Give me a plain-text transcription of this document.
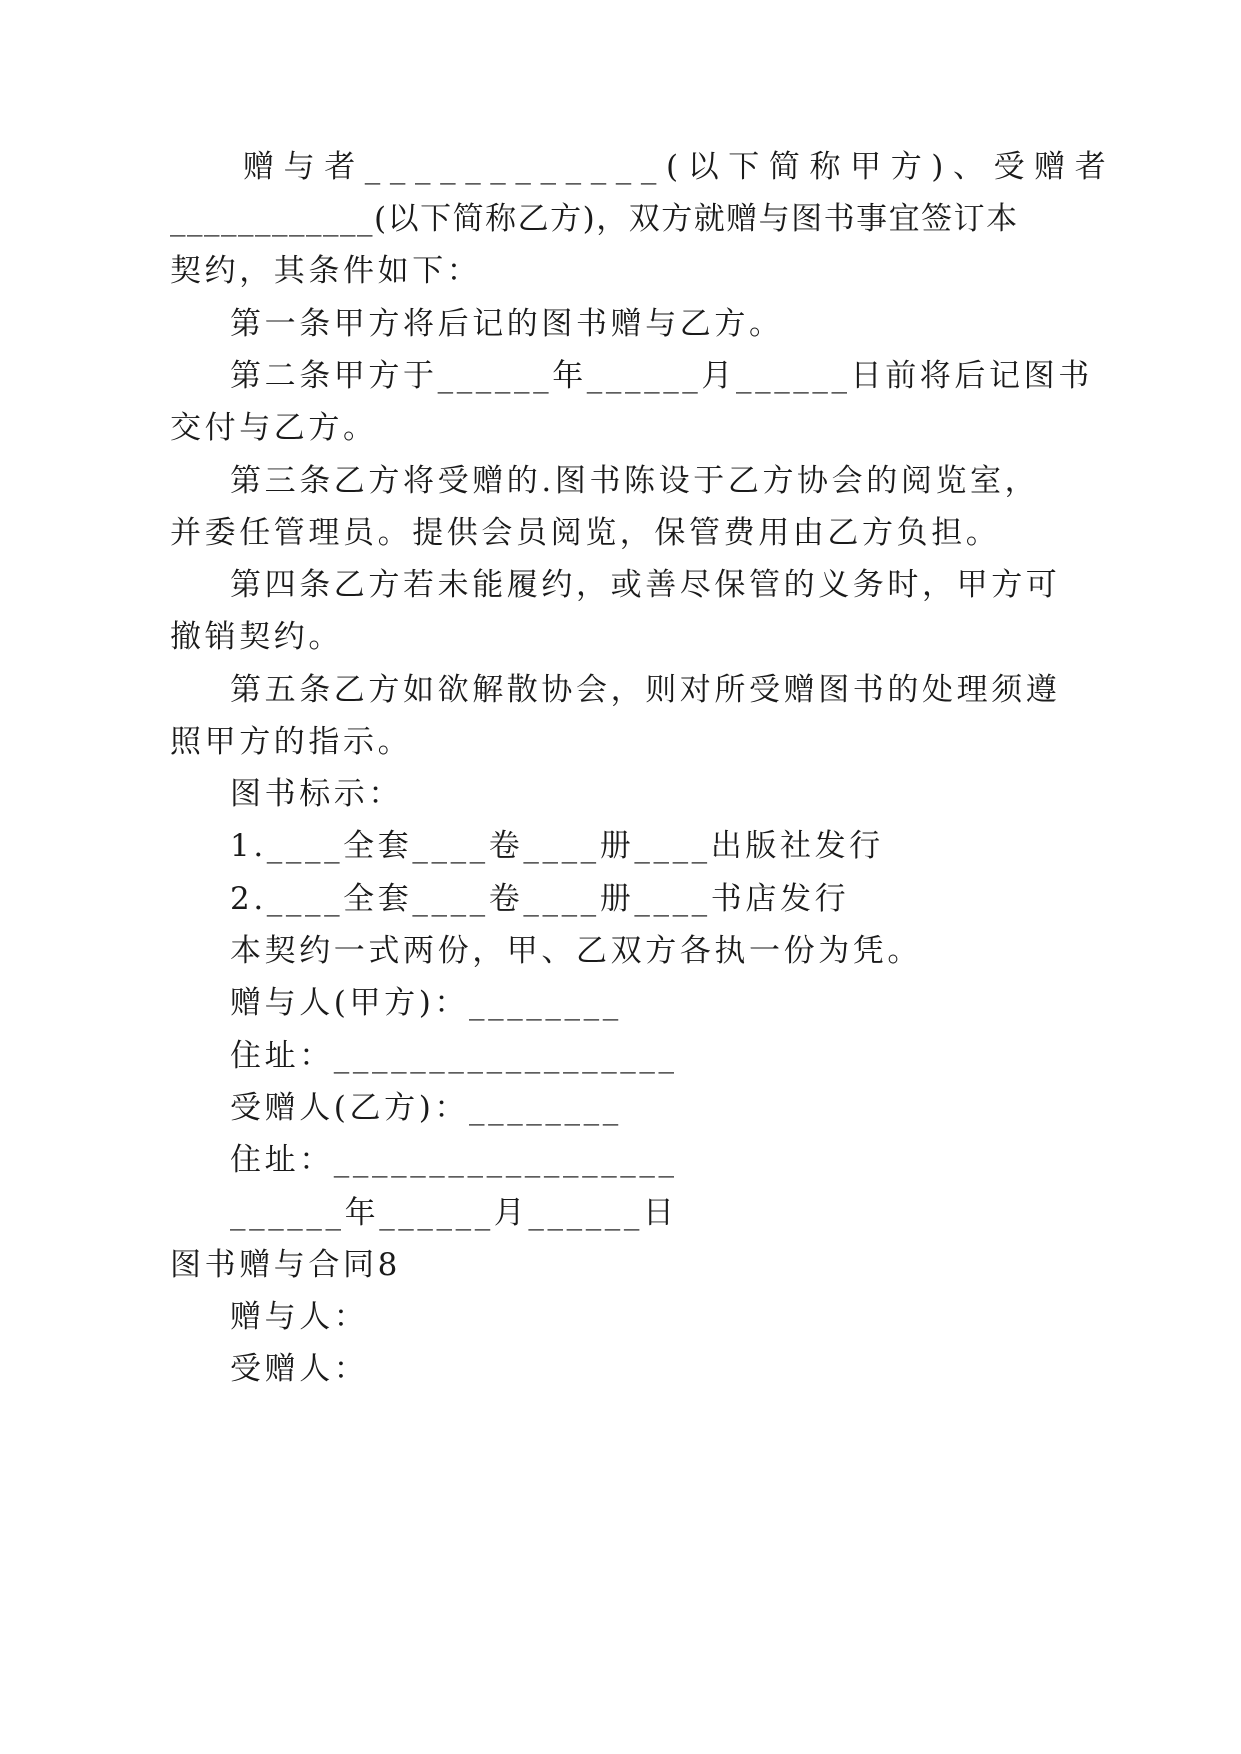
赠与者____________(以下简称甲方)、受赠者
____________(以下简称乙方)，双方就赠与图书事宜签订本
契约，其条件如下：
第一条甲方将后记的图书赠与乙方。
第二条甲方于______年______月______日前将后记图书
交付与乙方。
第三条乙方将受赠的.图书陈设于乙方协会的阅览室，
并委任管理员。提供会员阅览，保管费用由乙方负担。
第四条乙方若未能履约，或善尽保管的义务时，甲方可
撤销契约。
第五条乙方如欲解散协会，则对所受赠图书的处理须遵
照甲方的指示。
图书标示：
1.____全套____卷____册____出版社发行
2.____全套____卷____册____书店发行
本契约一式两份，甲、乙双方各执一份为凭。
赠与人(甲方)：________
住址：__________________
受赠人(乙方)：________
住址：__________________
______年______月______日
图书赠与合同8
赠与人：
受赠人：
